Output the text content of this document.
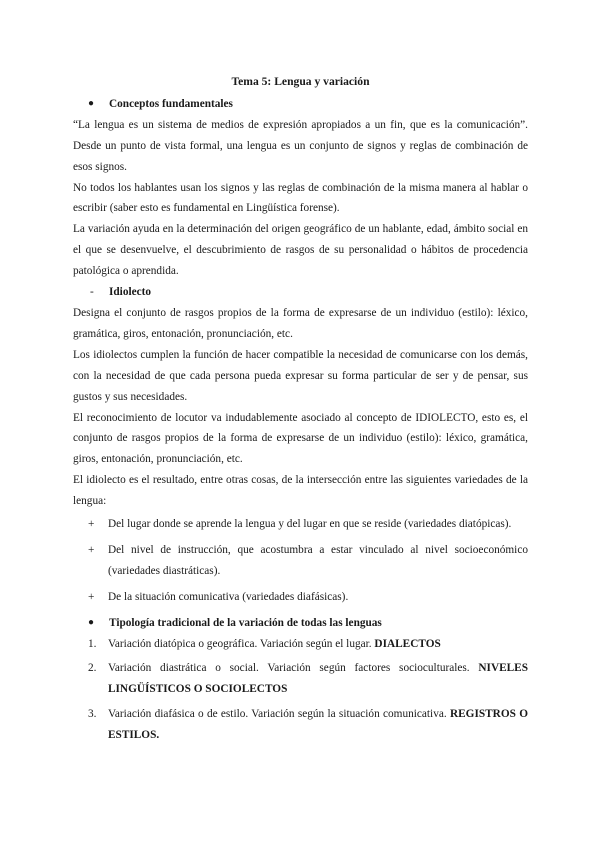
Tema 5: Lengua y variación
● Conceptos fundamentales

“La lengua es un sistema de medios de expresión apropiados a un fin, que es la comunicación”. Desde un punto de vista formal, una lengua es un conjunto de signos y reglas de combinación de esos signos.

No todos los hablantes usan los signos y las reglas de combinación de la misma manera al hablar o escribir (saber esto es fundamental en Lingüística forense).

La variación ayuda en la determinación del origen geográfico de un hablante, edad, ámbito social en el que se desenvuelve, el descubrimiento de rasgos de su personalidad o hábitos de procedencia patológica o aprendida.

- Idiolecto

Designa el conjunto de rasgos propios de la forma de expresarse de un individuo (estilo): léxico, gramática, giros, entonación, pronunciación, etc.

Los idiolectos cumplen la función de hacer compatible la necesidad de comunicarse con los demás, con la necesidad de que cada persona pueda expresar su forma particular de ser y de pensar, sus gustos y sus necesidades.

El reconocimiento de locutor va indudablemente asociado al concepto de IDIOLECTO, esto es, el conjunto de rasgos propios de la forma de expresarse de un individuo (estilo): léxico, gramática, giros, entonación, pronunciación, etc.

El idiolecto es el resultado, entre otras cosas, de la intersección entre las siguientes variedades de la lengua:

+ Del lugar donde se aprende la lengua y del lugar en que se reside (variedades diatópicas).
+ Del nivel de instrucción, que acostumbra a estar vinculado al nivel socioeconómico (variedades diastráticas).
+ De la situación comunicativa (variedades diafásicas).
● Tipología tradicional de la variación de todas las lenguas
1. Variación diatópica o geográfica. Variación según el lugar. DIALECTOS
2. Variación diastrática o social. Variación según factores socioculturales. NIVELES LINGÜÍSTICOS O SOCIOLECTOS
3. Variación diafásica o de estilo. Variación según la situación comunicativa. REGISTROS O ESTILOS.
